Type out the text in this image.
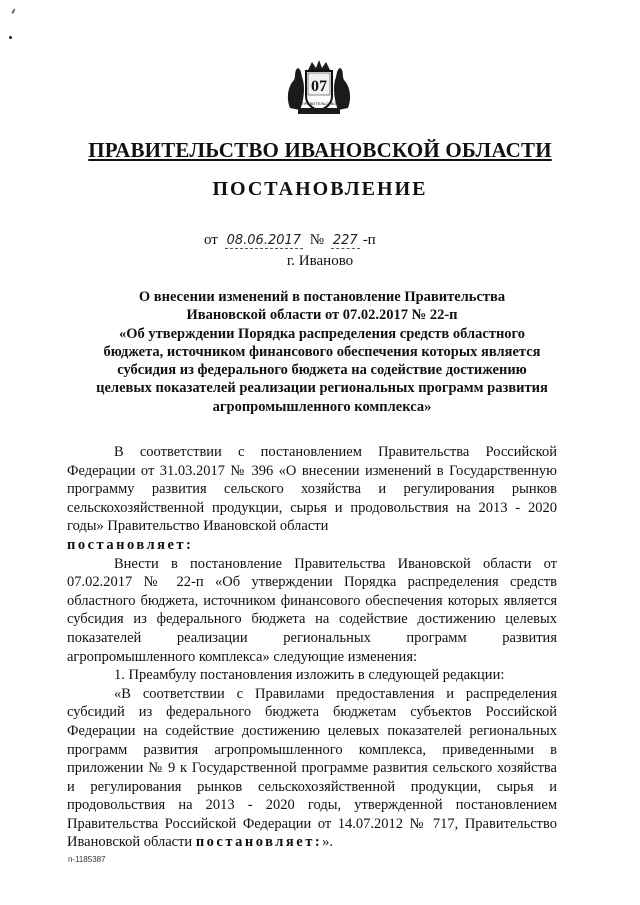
⸙
07
ПРАВИТЕЛЬСТВО
ПРАВИТЕЛЬСТВО ИВАНОВСКОЙ ОБЛАСТИ
ПОСТАНОВЛЕНИЕ
от 08.06.2017 № 227 -п
г. Иваново
О внесении изменений в постановление Правительства
Ивановской области от 07.02.2017 № 22-п
«Об утверждении Порядка распределения средств областного
бюджета, источником финансового обеспечения которых является
субсидия из федерального бюджета на содействие достижению
целевых показателей реализации региональных программ развития
агропромышленного комплекса»

В соответствии с постановлением Правительства Российской Федерации от 31.03.2017 № 396 «О внесении изменений в Государственную программу развития сельского хозяйства и регулирования рынков сельскохозяйственной продукции, сырья и продовольствия на 2013 - 2020 годы» Правительство Ивановской области

постановляет:

Внести в постановление Правительства Ивановской области от 07.02.2017 № 22-п «Об утверждении Порядка распределения средств областного бюджета, источником финансового обеспечения которых является субсидия из федерального бюджета на содействие достижению целевых показателей реализации региональных программ развития агропромышленного комплекса» следующие изменения:

1. Преамбулу постановления изложить в следующей редакции:

«В соответствии с Правилами предоставления и распределения субсидий из федерального бюджета бюджетам субъектов Российской Федерации на содействие достижению целевых показателей региональных программ развития агропромышленного комплекса, приведенными в приложении № 9 к Государственной программе развития сельского хозяйства и регулирования рынков сельскохозяйственной продукции, сырья и продовольствия на 2013 - 2020 годы, утвержденной постановлением Правительства Российской Федерации от 14.07.2012 № 717, Правительство Ивановской области постановляет:».

п-1185387
